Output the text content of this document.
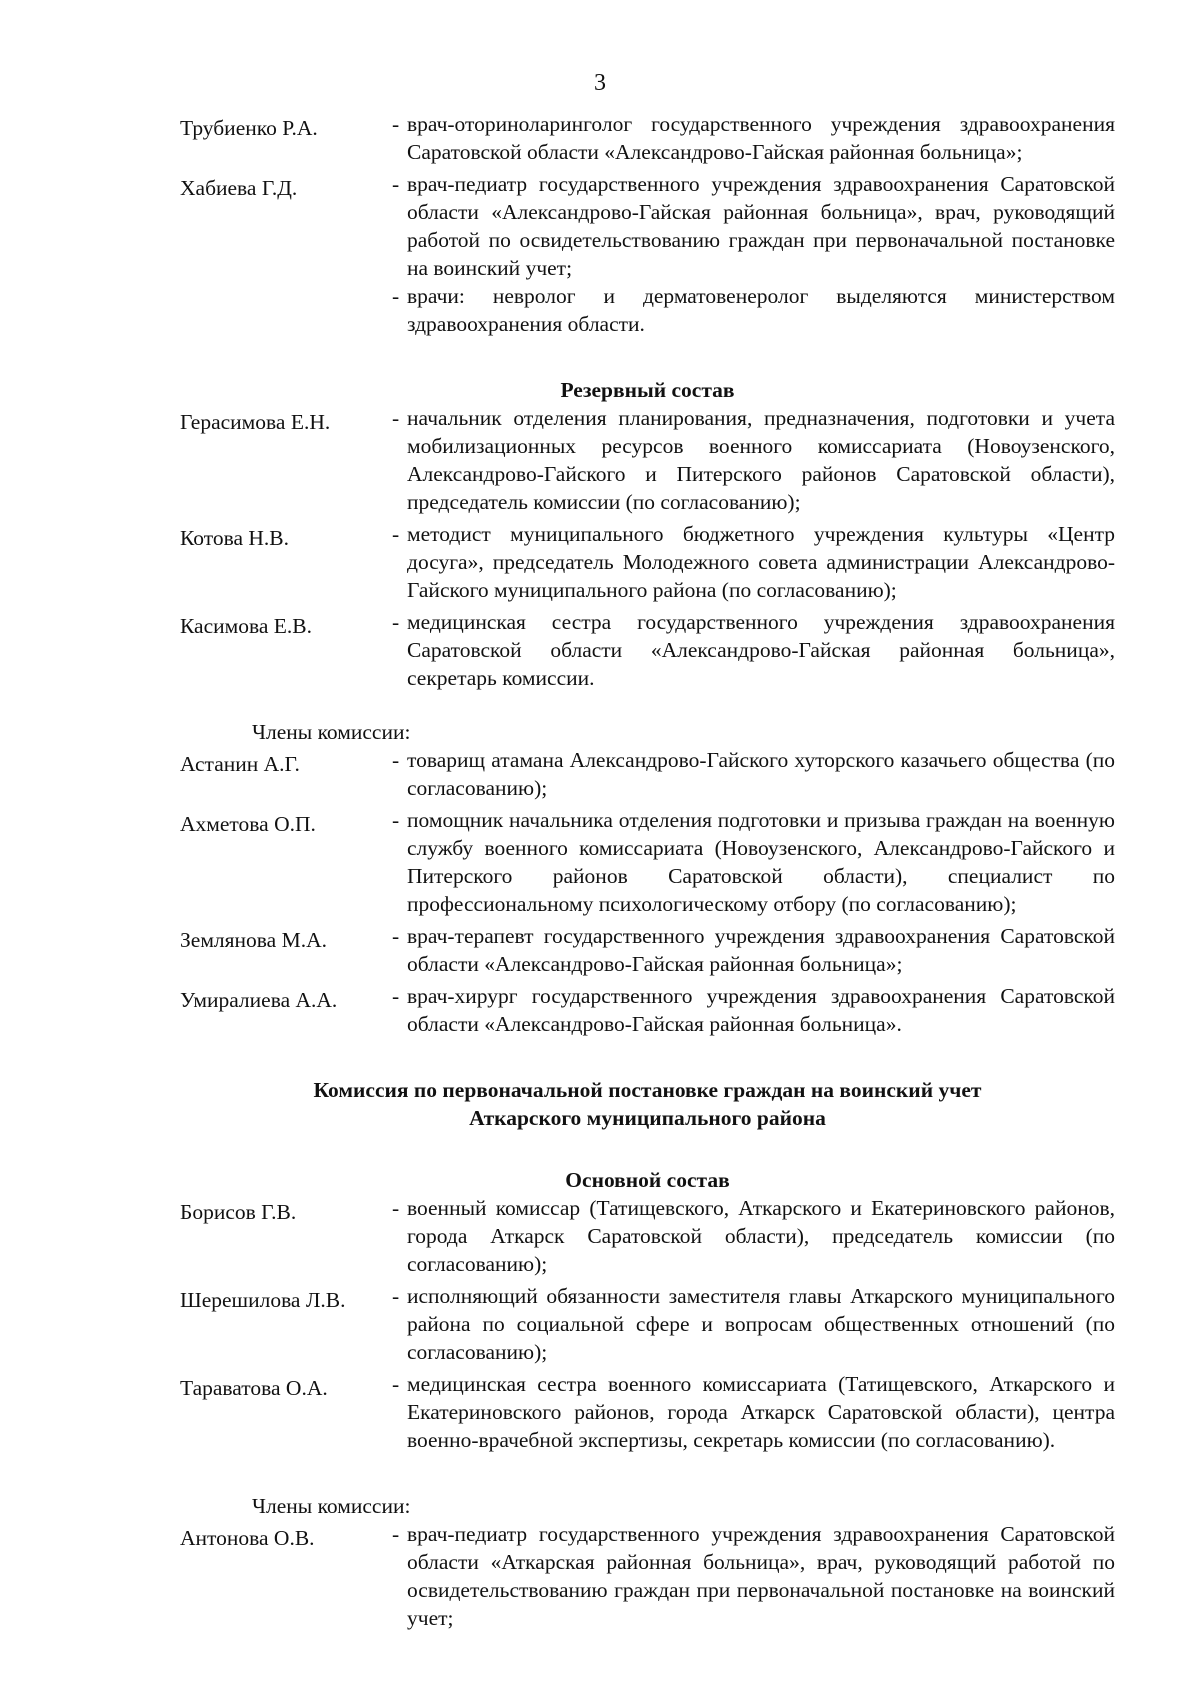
3
Трубиенко Р.А.	- врач-оториноларинголог государственного учреждения здравоохранения Саратовской области «Александрово-Гайская районная больница»;
Хабиева Г.Д.	- врач-педиатр государственного учреждения здравоохранения Саратовской области «Александрово-Гайская районная больница», врач, руководящий работой по освидетельствованию граждан при первоначальной постановке на воинский учет;
- врачи: невролог и дерматовенеролог выделяются министерством здравоохранения области.
Резервный состав
Герасимова Е.Н.	- начальник отделения планирования, предназначения, подготовки и учета мобилизационных ресурсов военного комиссариата (Новоузенского, Александрово-Гайского и Питерского районов Саратовской области), председатель комиссии (по согласованию);
Котова Н.В.	- методист муниципального бюджетного учреждения культуры «Центр досуга», председатель Молодежного совета администрации Александрово-Гайского муниципального района (по согласованию);
Касимова Е.В.	- медицинская сестра государственного учреждения здравоохранения Саратовской области «Александрово-Гайская районная больница», секретарь комиссии.
Члены комиссии:
Астанин А.Г.	- товарищ атамана Александрово-Гайского хуторского казачьего общества (по согласованию);
Ахметова О.П.	- помощник начальника отделения подготовки и призыва граждан на военную службу военного комиссариата (Новоузенского, Александрово-Гайского и Питерского районов Саратовской области), специалист по профессиональному психологическому отбору (по согласованию);
Землянова М.А.	- врач-терапевт государственного учреждения здравоохранения Саратовской области «Александрово-Гайская районная больница»;
Умиралиева А.А.	- врач-хирург государственного учреждения здравоохранения Саратовской области «Александрово-Гайская районная больница».
Комиссия по первоначальной постановке граждан на воинский учет
Аткарского муниципального района
Основной состав
Борисов Г.В.	- военный комиссар (Татищевского, Аткарского и Екатериновского районов, города Аткарск Саратовской области), председатель комиссии (по согласованию);
Шерешилова Л.В.	- исполняющий обязанности заместителя главы Аткарского муниципального района по социальной сфере и вопросам общественных отношений (по согласованию);
Тараватова О.А.	- медицинская сестра военного комиссариата (Татищевского, Аткарского и Екатериновского районов, города Аткарск Саратовской области), центра военно-врачебной экспертизы, секретарь комиссии (по согласованию).
Члены комиссии:
Антонова О.В.	- врач-педиатр государственного учреждения здравоохранения Саратовской области «Аткарская районная больница», врач, руководящий работой по освидетельствованию граждан при первоначальной постановке на воинский учет;
